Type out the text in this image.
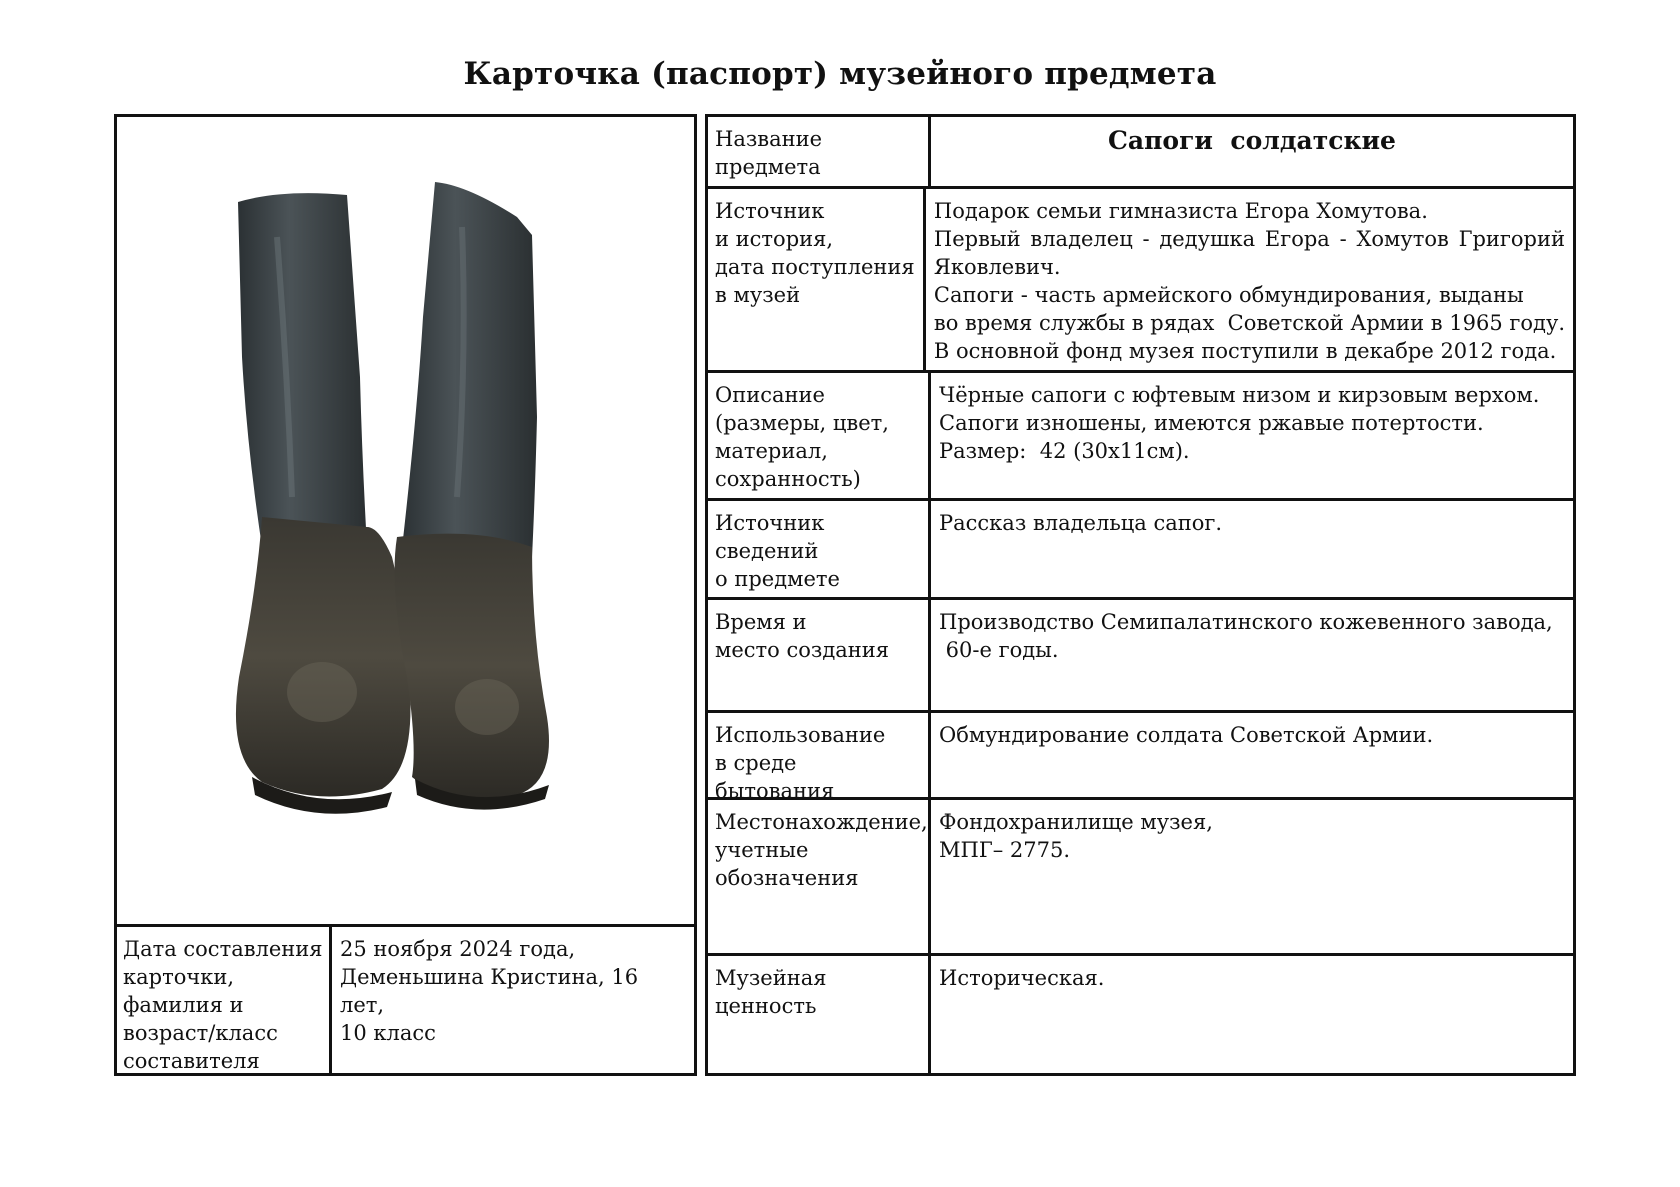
Карточка (паспорт) музейного предмета
Дата составления
карточки,
фамилия и
возраст/класс
составителя
25 ноября 2024 года,
Деменьшина Кристина, 16 лет,
10 класс
Название
предмета
Сапоги  солдатские
Источник
и история,
дата поступления
в музей
Подарок семьи гимназиста Егора Хомутова.
Первый владелец - дедушка Егора - Хомутов Григорий
Яковлевич.
Сапоги - часть армейского обмундирования, выданы
во время службы в рядах  Советской Армии в 1965 году.
В основной фонд музея поступили в декабре 2012 года.
Описание
(размеры, цвет,
материал,
сохранность)
Чёрные сапоги с юфтевым низом и кирзовым верхом.
Сапоги изношены, имеются ржавые потертости.
Размер:  42 (30х11см).
Источник
сведений
о предмете
Рассказ владельца сапог.
Время и
место создания
Производство Семипалатинского кожевенного завода,
60-е годы.
Использование
в среде бытования
Обмундирование солдата Советской Армии.
Местонахождение,
учетные
обозначения
Фондохранилище музея,
МПГ– 2775.
Музейная
ценность
Историческая.
